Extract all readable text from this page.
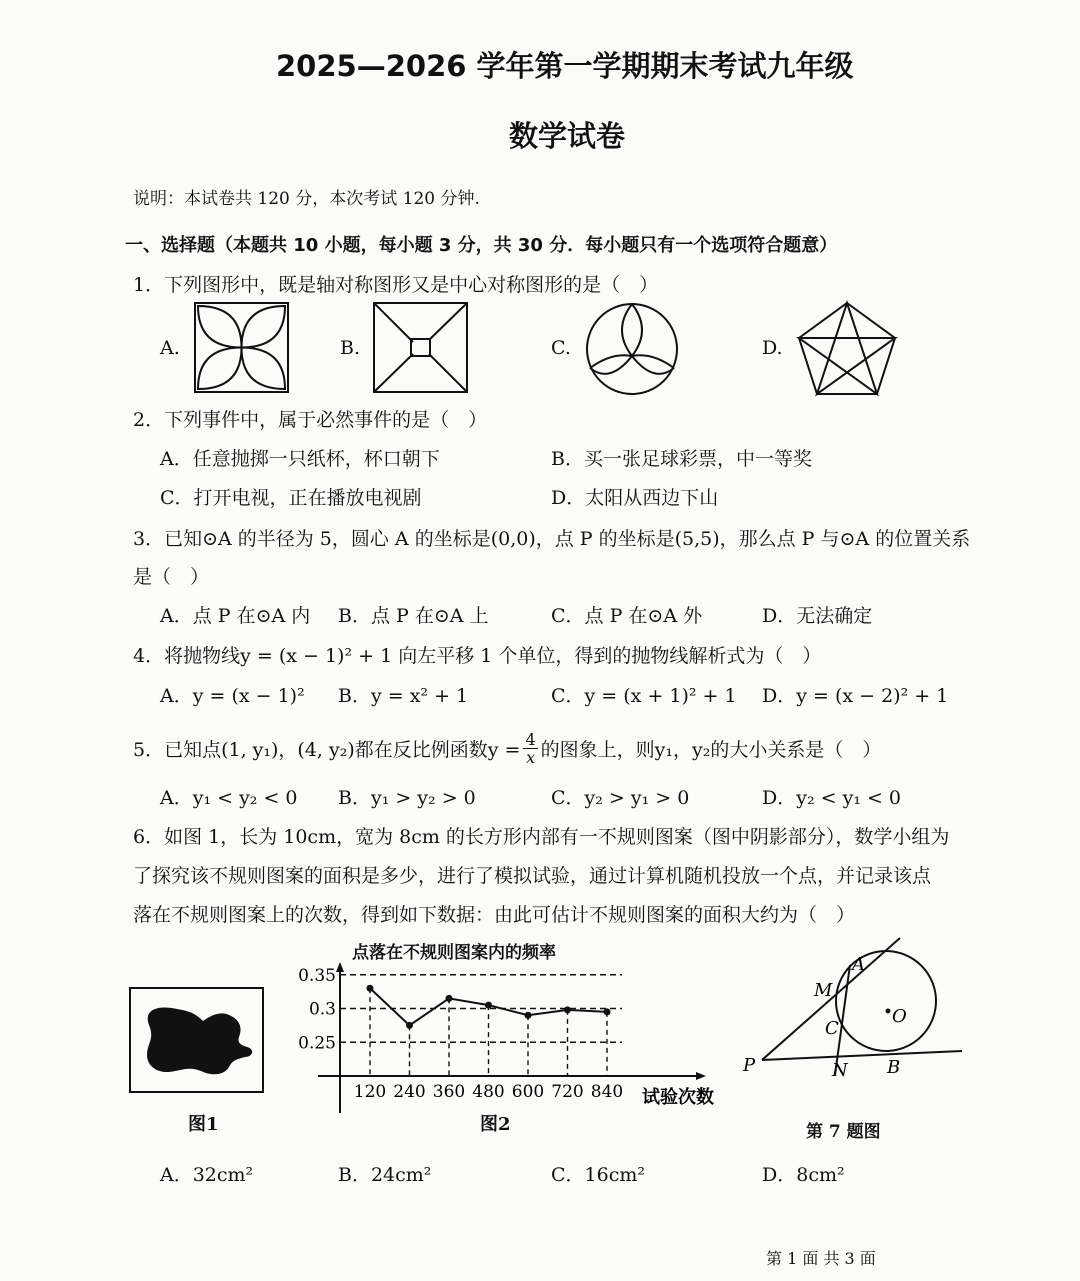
2025—2026 学年第一学期期末考试九年级
数学试卷
说明：本试卷共 120 分，本次考试 120 分钟.
一、选择题（本题共 10 小题，每小题 3 分，共 30 分．每小题只有一个选项符合题意）
1．下列图形中，既是轴对称图形又是中心对称图形的是（　）
A.	B.	C.	D.
2．下列事件中，属于必然事件的是（　）
A．任意抛掷一只纸杯，杯口朝下	B．买一张足球彩票，中一等奖
C．打开电视，正在播放电视剧	D．太阳从西边下山
3．已知⊙A 的半径为 5，圆心 A 的坐标是(0,0)，点 P 的坐标是(5,5)，那么点 P 与⊙A 的位置关系
是（　）
A．点 P 在⊙A 内 B．点 P 在⊙A 上	C．点 P 在⊙A 外	D．无法确定
4．将抛物线y = (x − 1)² + 1 向左平移 1 个单位，得到的抛物线解析式为（　）
A．y = (x − 1)² B．y = x² + 1	C．y = (x + 1)² + 1 D．y = (x − 2)² + 1
5．已知点(1, y₁)，(4, y₂)都在反比例函数$y = \frac{4}{x}$ 的图象上，则y₁，y₂的大小关系是（　）
A．y₁ < y₂ < 0 B．y₁ > y₂ > 0	C．y₂ > y₁ > 0	D．y₂ < y₁ < 0
6．如图 1，长为 10cm，宽为 8cm 的长方形内部有一不规则图案（图中阴影部分），数学小组为
了探究该不规则图案的面积是多少，进行了模拟试验，通过计算机随机投放一个点，并记录该点
落在不规则图案上的次数，得到如下数据：由此可估计不规则图案的面积大约为（　）
图1
点落在不规则图案内的频率
0.25
0.3
0.35
120 240 360 480 600 720 840 试验次数
图2
A
M
C
O
P	N B
第 7 题图
A．32cm²	B．24cm²	C．16cm²	D．8cm²
第 1 面 共 3 面
